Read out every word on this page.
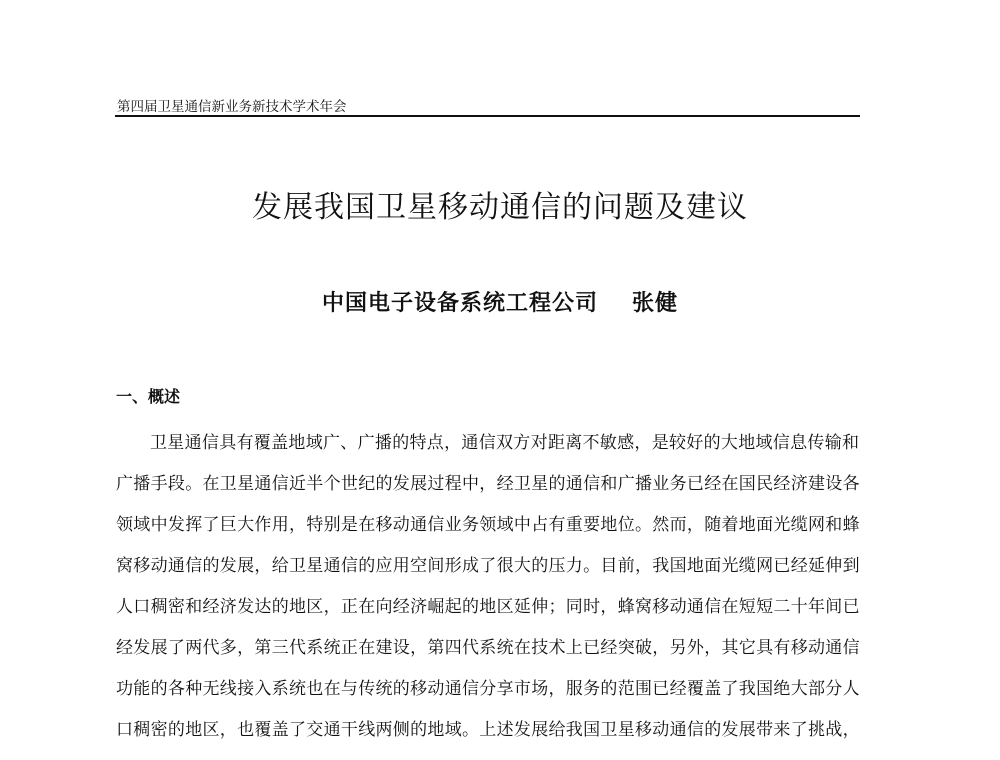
第四届卫星通信新业务新技术学术年会
发展我国卫星移动通信的问题及建议
中国电子设备系统工程公司 张健
一、概述
卫星通信具有覆盖地域广、广播的特点，通信双方对距离不敏感，是较好的大地域信息传输和
广播手段。在卫星通信近半个世纪的发展过程中，经卫星的通信和广播业务已经在国民经济建设各
领域中发挥了巨大作用，特别是在移动通信业务领域中占有重要地位。然而，随着地面光缆网和蜂
窝移动通信的发展，给卫星通信的应用空间形成了很大的压力。目前，我国地面光缆网已经延伸到
人口稠密和经济发达的地区，正在向经济崛起的地区延伸；同时，蜂窝移动通信在短短二十年间已
经发展了两代多，第三代系统正在建设，第四代系统在技术上已经突破，另外，其它具有移动通信
功能的各种无线接入系统也在与传统的移动通信分享市场，服务的范围已经覆盖了我国绝大部分人
口稠密的地区，也覆盖了交通干线两侧的地域。上述发展给我国卫星移动通信的发展带来了挑战，
